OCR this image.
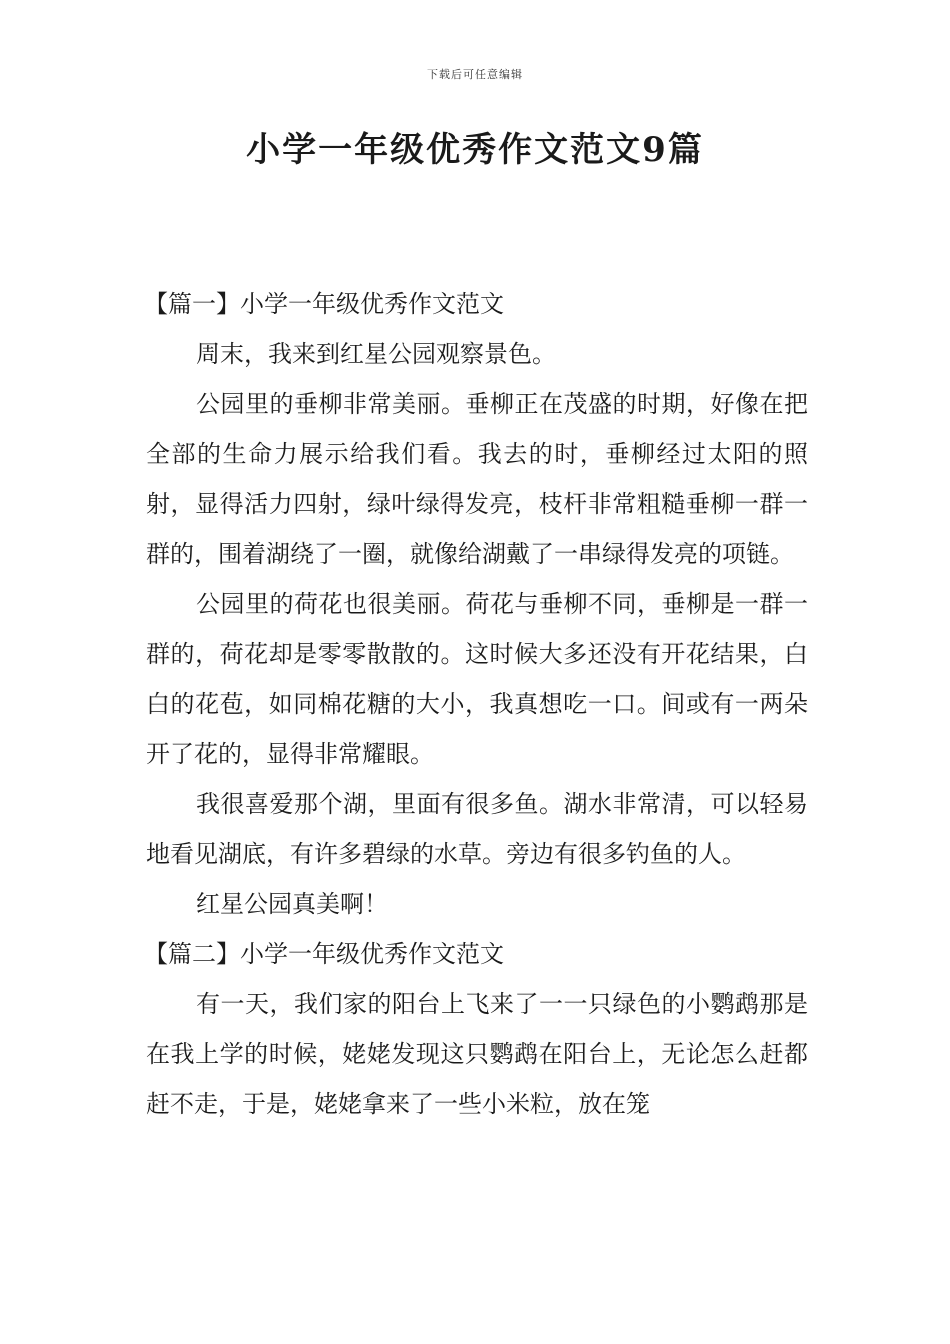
下载后可任意编辑
小学一年级优秀作文范文9篇
【篇一】小学一年级优秀作文范文

周末，我来到红星公园观察景色。

公园里的垂柳非常美丽。垂柳正在茂盛的时期，好像在把全部的生命力展示给我们看。我去的时，垂柳经过太阳的照射，显得活力四射，绿叶绿得发亮，枝杆非常粗糙垂柳一群一群的，围着湖绕了一圈，就像给湖戴了一串绿得发亮的项链。

公园里的荷花也很美丽。荷花与垂柳不同，垂柳是一群一群的，荷花却是零零散散的。这时候大多还没有开花结果，白白的花苞，如同棉花糖的大小，我真想吃一口。间或有一两朵开了花的，显得非常耀眼。

我很喜爱那个湖，里面有很多鱼。湖水非常清，可以轻易地看见湖底，有许多碧绿的水草。旁边有很多钓鱼的人。

红星公园真美啊！

【篇二】小学一年级优秀作文范文

有一天，我们家的阳台上飞来了一一只绿色的小鹦鹉那是在我上学的时候，姥姥发现这只鹦鹉在阳台上，无论怎么赶都赶不走，于是，姥姥拿来了一些小米粒，放在笼
